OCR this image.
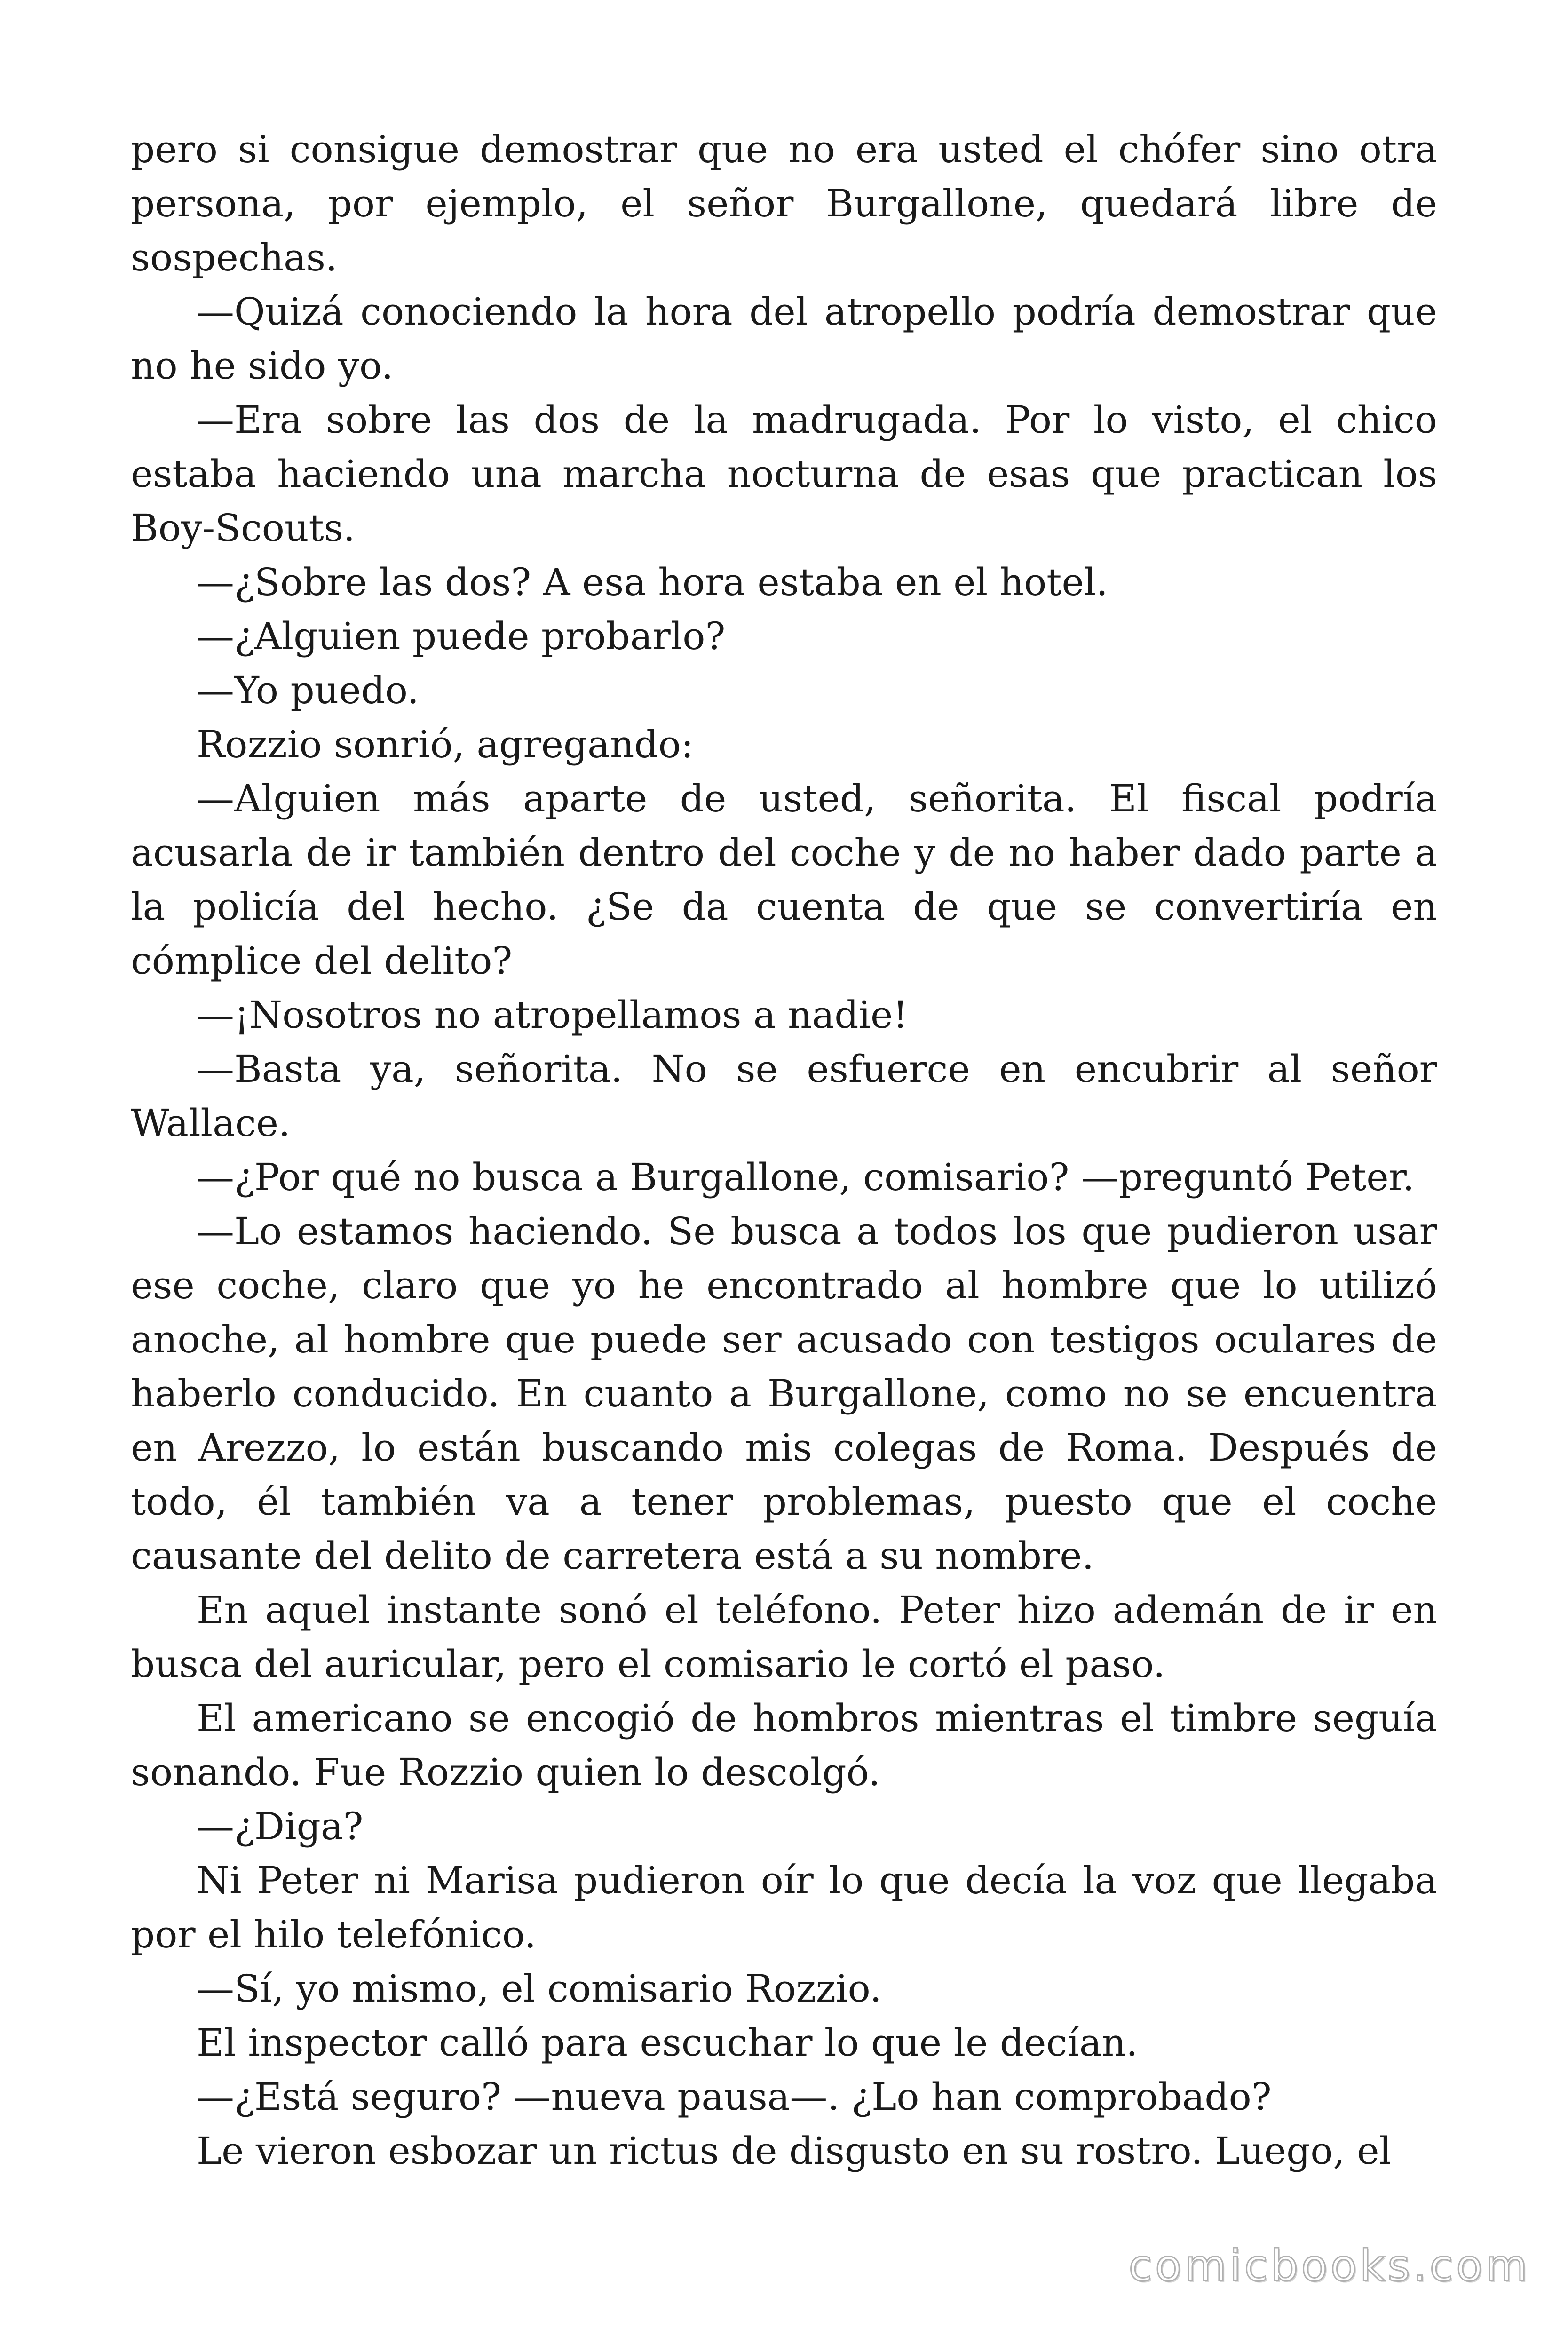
pero si consigue demostrar que no era usted el chófer sino otra persona, por ejemplo, el señor Burgallone, quedará libre de sospechas.

—Quizá conociendo la hora del atropello podría demostrar que no he sido yo.

—Era sobre las dos de la madrugada. Por lo visto, el chico estaba haciendo una marcha nocturna de esas que practican los Boy-Scouts.

—¿Sobre las dos? A esa hora estaba en el hotel.

—¿Alguien puede probarlo?

—Yo puedo.

Rozzio sonrió, agregando:

—Alguien más aparte de usted, señorita. El fiscal podría acusarla de ir también dentro del coche y de no haber dado parte a la policía del hecho. ¿Se da cuenta de que se convertiría en cómplice del delito?

—¡Nosotros no atropellamos a nadie!

—Basta ya, señorita. No se esfuerce en encubrir al señor Wallace.

—¿Por qué no busca a Burgallone, comisario? —preguntó Peter.

—Lo estamos haciendo. Se busca a todos los que pudieron usar ese coche, claro que yo he encontrado al hombre que lo utilizó anoche, al hombre que puede ser acusado con testigos oculares de haberlo conducido. En cuanto a Burgallone, como no se encuentra en Arezzo, lo están buscando mis colegas de Roma. Después de todo, él también va a tener problemas, puesto que el coche causante del delito de carretera está a su nombre.

En aquel instante sonó el teléfono. Peter hizo ademán de ir en busca del auricular, pero el comisario le cortó el paso.

El americano se encogió de hombros mientras el timbre seguía sonando. Fue Rozzio quien lo descolgó.

—¿Diga?

Ni Peter ni Marisa pudieron oír lo que decía la voz que llegaba por el hilo telefónico.

—Sí, yo mismo, el comisario Rozzio.

El inspector calló para escuchar lo que le decían.

—¿Está seguro? —nueva pausa—. ¿Lo han comprobado?

Le vieron esbozar un rictus de disgusto en su rostro. Luego, el

comicbooks.com
